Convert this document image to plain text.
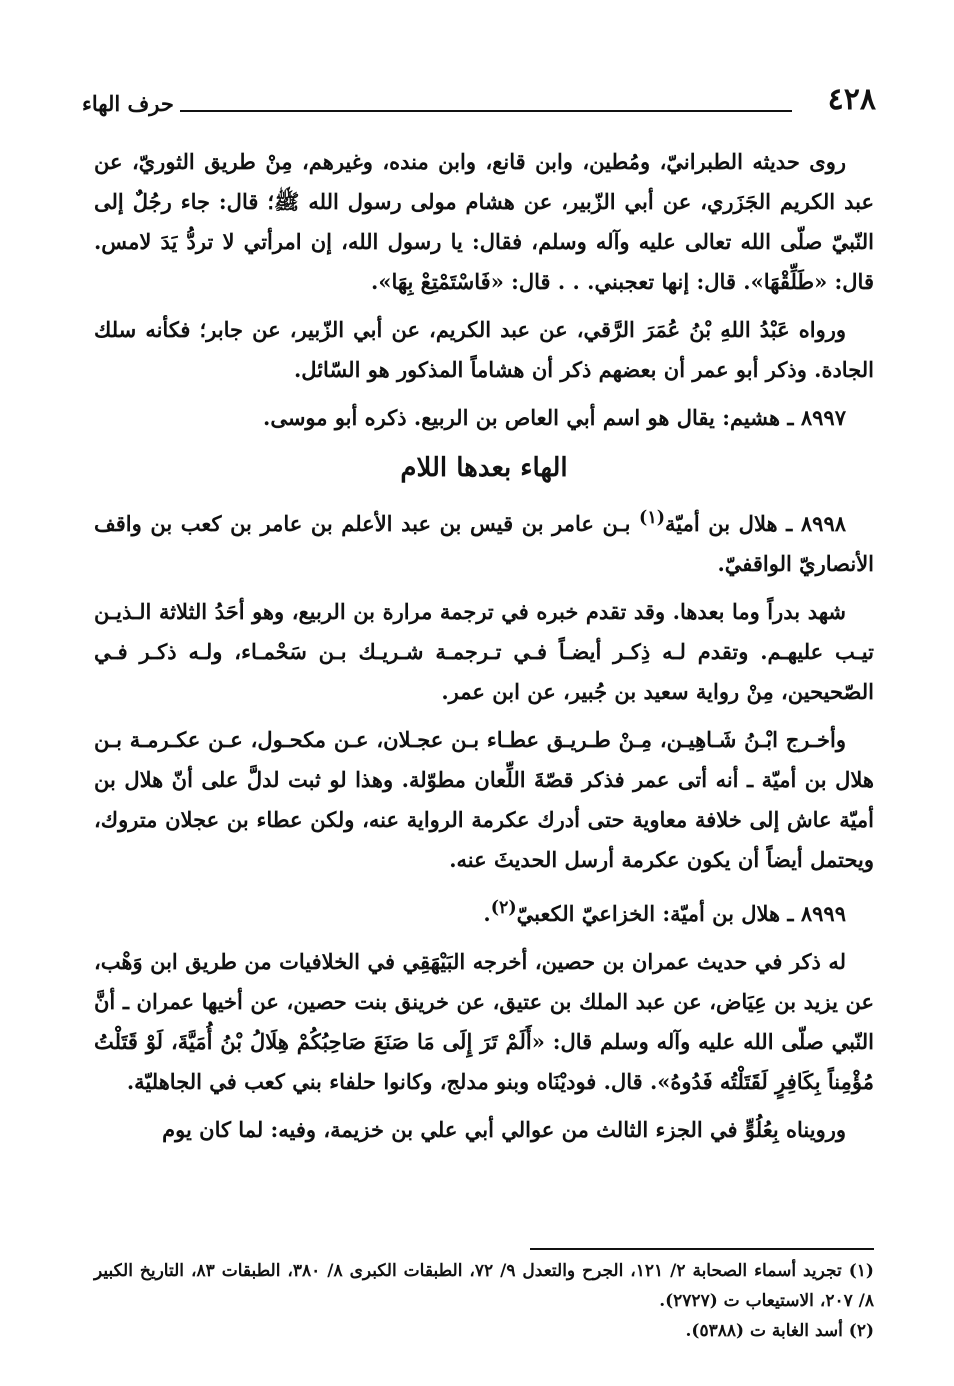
٤٢٨
حرف الهاء

روى حديثه الطبرانيّ، ومُطين، وابن قانع، وابن منده، وغيرهم، مِنْ طريق الثوريّ، عن عبد الكريم الجَزَري، عن أبي الزّبير، عن هشام مولى رسول الله ﷺ؛ قال: جاء رجُلٌ إلى النّبيّ صلّى الله تعالى عليه وآله وسلم، فقال: يا رسول الله، إن امرأتي لا تردُّ يَدَ لامس. قال: «طَلِّقْهَا». قال: إنها تعجبني. . . قال: «فَاسْتَمْتِعْ بِهَا».

ورواه عَبْدُ اللهِ بْنُ عُمَرَ الرَّقي، عن عبد الكريم، عن أبي الزّبير، عن جابر؛ فكأنه سلك الجادة. وذكر أبو عمر أن بعضهم ذكر أن هشاماً المذكور هو السّائل.

٨٩٩٧ ـ هشيم: يقال هو اسم أبي العاص بن الربيع. ذكره أبو موسى.

الهاء بعدها اللام

٨٩٩٨ ـ هلال بن أميّة$^{(١)}$ بـن عامر بن قيس بن عبد الأعلم بن عامر بن كعب بن واقف الأنصاريّ الواقفيّ.

شهد بدراً وما بعدها. وقد تقدم خبره في ترجمة مرارة بن الربيع، وهو أحَدُ الثلاثة الـذيـن تيـب عليهـم. وتقدم لـه ذِكـر أيضـاً فـي تـرجمـة شـريـك بـن سَحْمـاء، ولـه ذكـر فـي الصّحيحين، مِنْ رواية سعيد بن جُبير، عن ابن عمر.

وأخـرج ابْـنُ شَـاهِيـن، مِـنْ طـريـق عطـاء بـن عجـلان، عـن مكحـول، عـن عكـرمـة بـن هلال بن أميّة ـ أنه أتى عمر فذكر قصّةَ اللِّعان مطوّلة. وهذا لو ثبت لدلَّ على أنّ هلال بن أميّة عاش إلى خلافة معاوية حتى أدرك عكرمة الرواية عنه، ولكن عطاء بن عجلان متروك، ويحتمل أيضاً أن يكون عكرمة أرسل الحديثَ عنه.

٨٩٩٩ ـ هلال بن أميّة: الخزاعيّ الكعبيّ$^{(٢)}$.

له ذكر في حديث عمران بن حصين، أخرجه البَيْهَقِي في الخلافيات من طريق ابن وَهْب، عن يزيد بن عِيَاض، عن عبد الملك بن عتيق، عن خرينق بنت حصين، عن أخيها عمران ـ أنَّ النّبي صلّى الله عليه وآله وسلم قال: «أَلَمْ تَرَ إِلَى مَا صَنَعَ صَاحِبُكُمْ هِلَالُ بْنُ أُمَيَّةَ، لَوْ قَتَلْتُ مُؤْمِناً بِكَافِرٍ لَقَتَلْتُه فَدُوهُ». قال. فوديْنَاه وبنو مدلج، وكانوا حلفاء بني كعب في الجاهليّة.

ورويناه بِعُلُوٍّ في الجزء الثالث من عوالي أبي علي بن خزيمة، وفيه: لما كان يوم

(١) تجريد أسماء الصحابة ٢/ ١٢١، الجرح والتعدل ٩/ ٧٢، الطبقات الكبرى ٨/ ٣٨٠، الطبقات ٨٣، التاريخ الكبير ٨/ ٢٠٧، الاستيعاب ت (٢٧٢٧).
(٢) أسد الغابة ت (٥٣٨٨).
